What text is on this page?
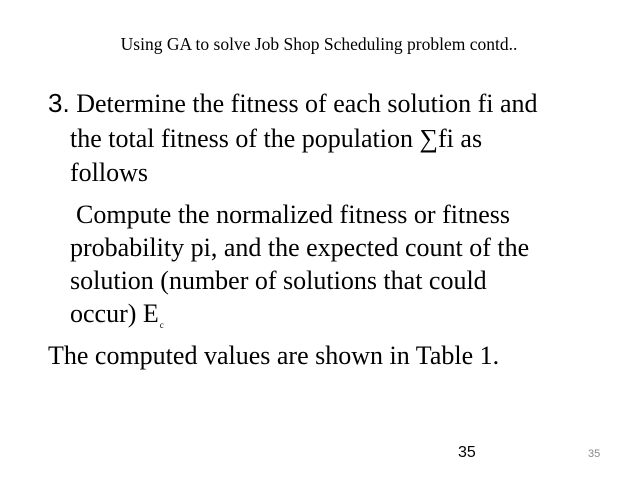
Using GA to solve Job Shop Scheduling problem contd..
3. Determine the fitness of each solution fi and
the total fitness of the population ∑fi as
follows
Compute the normalized fitness or fitness
probability pi, and the expected count of the
solution (number of solutions that could
occur) $E_c$
The computed values are shown in Table 1.
35	35
